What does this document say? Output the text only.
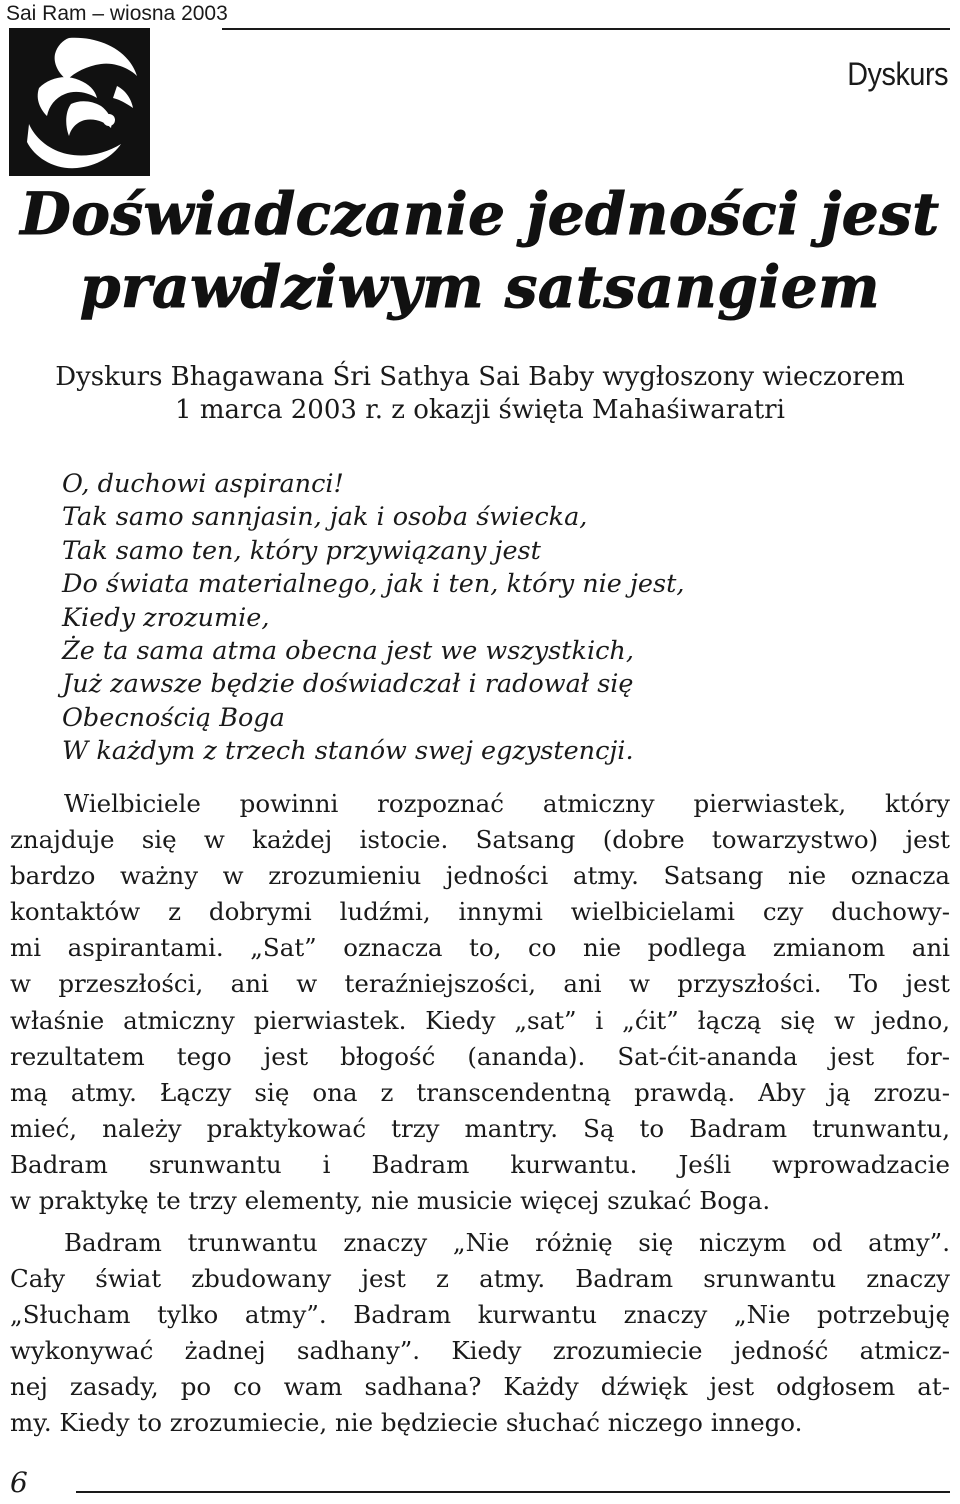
Sai Ram – wiosna 2003
Dyskurs
Doświadczanie jedności jest
prawdziwym satsangiem
Dyskurs Bhagawana Śri Sathya Sai Baby wygłoszony wieczorem
1 marca 2003 r. z okazji święta Mahaśiwaratri
O, duchowi aspiranci!
Tak samo sannjasin, jak i osoba świecka,
Tak samo ten, który przywiązany jest
Do świata materialnego, jak i ten, który nie jest,
Kiedy zrozumie,
Że ta sama atma obecna jest we wszystkich,
Już zawsze będzie doświadczał i radował się
Obecnością Boga
W każdym z trzech stanów swej egzystencji.
Wielbiciele powinni rozpoznać atmiczny pierwiastek, który
znajduje się w każdej istocie. Satsang (dobre towarzystwo) jest
bardzo ważny w zrozumieniu jedności atmy. Satsang nie oznacza
kontaktów z dobrymi ludźmi, innymi wielbicielami czy duchowy-
mi aspirantami. „Sat” oznacza to, co nie podlega zmianom ani
w przeszłości, ani w teraźniejszości, ani w przyszłości. To jest
właśnie atmiczny pierwiastek. Kiedy „sat” i „ćit” łączą się w jedno,
rezultatem tego jest błogość (ananda). Sat-ćit-ananda jest for-
mą atmy. Łączy się ona z transcendentną prawdą. Aby ją zrozu-
mieć, należy praktykować trzy mantry. Są to Badram trunwantu,
Badram srunwantu i Badram kurwantu. Jeśli wprowadzacie
w praktykę te trzy elementy, nie musicie więcej szukać Boga.
Badram trunwantu znaczy „Nie różnię się niczym od atmy”.
Cały świat zbudowany jest z atmy. Badram srunwantu znaczy
„Słucham tylko atmy”. Badram kurwantu znaczy „Nie potrzebuję
wykonywać żadnej sadhany”. Kiedy zrozumiecie jedność atmicz-
nej zasady, po co wam sadhana? Każdy dźwięk jest odgłosem at-
my. Kiedy to zrozumiecie, nie będziecie słuchać niczego innego.
6
